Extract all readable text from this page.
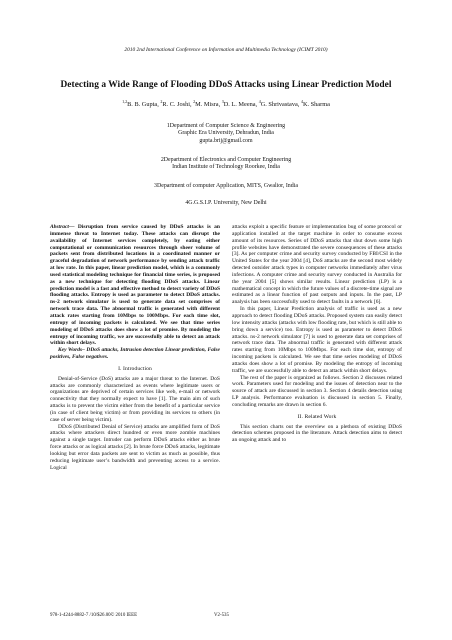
2010 2nd International Conference on Information and Multimedia Technology (ICIMT 2010)
Detecting a Wide Range of Flooding DDoS Attacks using Linear Prediction Model
$^{1,2}$B. B. Gupta, $^2$R. C. Joshi, $^2$M. Misra, $^3$D. L. Meena, $^4$G. Shrivastava, $^4$K. Sharma
1Department of Computer Science & Engineering
Graphic Era University, Dehradun, India
gupta.brij@gmail.com
2Department of Electronics and Computer Engineering
Indian Institute of Technology Roorkee, India
3Department of computer Application, MITS, Gwalior, India
4G.G.S.I.P. University, New Delhi

Abstract— Disruption from service caused by DDoS attacks is an immense threat to Internet today. These attacks can disrupt the availability of Internet services completely, by eating either computational or communication resources through sheer volume of packets sent from distributed locations in a coordinated manner or graceful degradation of network performance by sending attack traffic at low rate. In this paper, linear prediction model, which is a commonly used statistical modeling technique for financial time series, is proposed as a new technique for detecting flooding DDoS attacks. Linear prediction model is a fast and effective method to detect variety of DDoS flooding attacks. Entropy is used as parameter to detect DDoS attacks. ns-2 network simulator is used to generate data set comprises of network trace data. The abnormal traffic is generated with different attack rates starting from 10Mbps to 100Mbps. For each time slot, entropy of incoming packets is calculated. We see that time series modeling of DDoS attacks does show a lot of promise. By modeling the entropy of incoming traffic, we are successfully able to detect an attack within short delays.

Key Words– DDoS attacks, Intrusion detection Linear prediction, False positives, False negatives.

I. Introduction

Denial-of-Service (DoS) attacks are a major threat to the Internet. DoS attacks are commonly characterized as events where legitimate users or organizations are deprived of certain services like web, e-mail or network connectivity that they normally expect to have [1]. The main aim of such attacks is to prevent the victim either from the benefit of a particular service (in case of client being victim) or from providing its services to others (in case of server being victim).

DDoS (Distributed Denial of Service) attacks are amplified form of DoS attacks where attackers direct hundred or even more zombie machines against a single target. Intruder can perform DDoS attacks either as brute force attacks or as logical attacks [2]. In brute force DDoS attacks, legitimate looking but error data packets are sent to victim as much as possible, thus reducing legitimate user’s bandwidth and preventing access to a service. Logical

attacks exploit a specific feature or implementation bug of some protocol or application installed at the target machine in order to consume excess amount of its resources. Series of DDoS attacks that shut down some high profile websites have demonstrated the severe consequences of these attacks [3]. As per computer crime and security survey conducted by FBI/CSI in the United States for the year 2004 [4], DoS attacks are the second most widely detected outsider attack types in computer networks immediately after virus infections. A computer crime and security survey conducted in Australia for the year 2004 [5] shows similar results. Linear prediction (LP) is a mathematical concept in which the future values of a discrete-time signal are estimated as a linear function of past outputs and inputs. In the past, LP analysis has been successfully used to detect faults in a network [6].

In this paper, Linear Prediction analysis of traffic is used as a new approach to detect flooding DDoS attacks. Proposed system can easily detect low intensity attacks (attacks with low flooding rate, but which is still able to bring down a service) too. Entropy is used as parameter to detect DDoS attacks. ns-2 network simulator [7] is used to generate data set comprises of network trace data. The abnormal traffic is generated with different attack rates starting from 10Mbps to 100Mbps. For each time slot, entropy of incoming packets is calculated. We see that time series modeling of DDoS attacks does show a lot of promise. By modeling the entropy of incoming traffic, we are successfully able to detect an attack within short delays.

The rest of the paper is organized as follows. Section 2 discusses related work. Parameters used for modeling and the issues of detection near to the source of attack are discussed in section 3. Section 4 details detection using LP analysis. Performance evaluation is discussed in section 5. Finally, concluding remarks are drawn in section 6.

II. Related Work

This section charts out the overview on a plethora of existing DDoS detection schemes proposed in the literature. Attack detection aims to detect an ongoing attack and to

978-1-4244-8882-7 /10/$26.00© 2010 IEEE	V2-535
